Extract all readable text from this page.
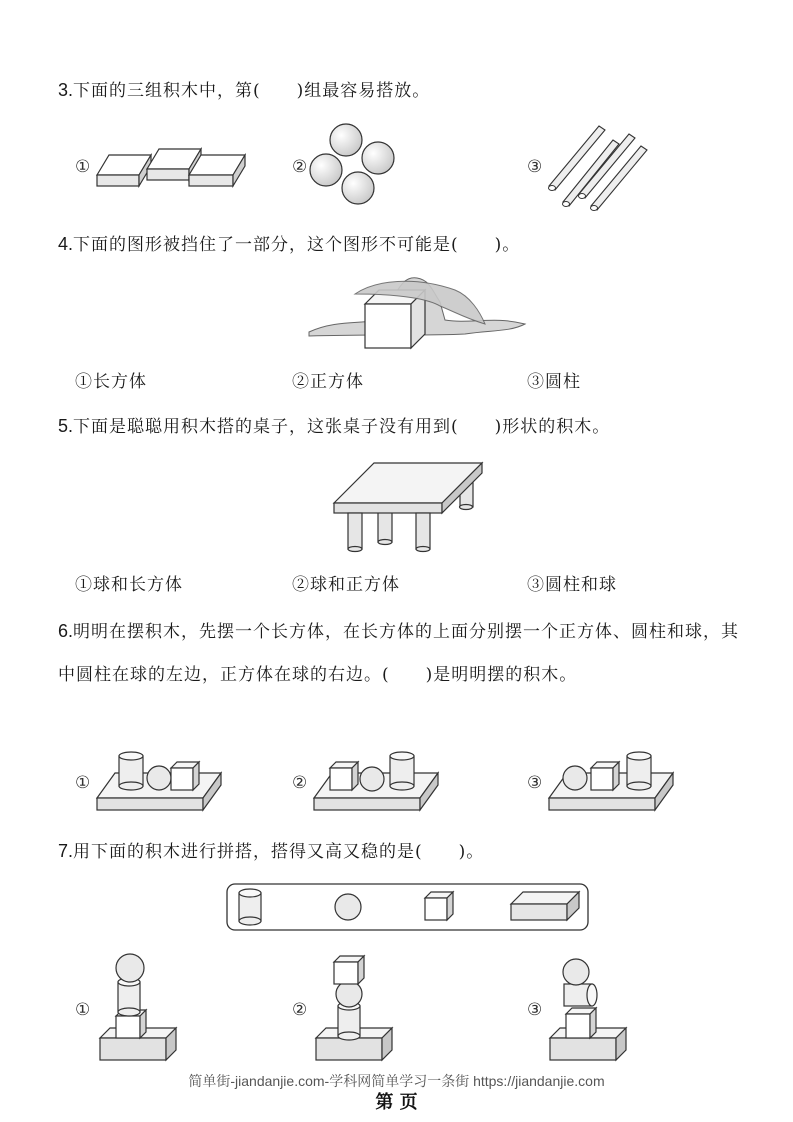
3.下面的三组积木中，第(　　)组最容易搭放。
①	②	③
4.下面的图形被挡住了一部分，这个图形不可能是(　　)。
①长方体	②正方体	③圆柱
5.下面是聪聪用积木搭的桌子，这张桌子没有用到(　　)形状的积木。
①球和长方体	②球和正方体	③圆柱和球
6.明明在摆积木，先摆一个长方体，在长方体的上面分别摆一个正方体、圆柱和球，其中圆柱在球的左边，正方体在球的右边。(　　)是明明摆的积木。
①	②	③
7.用下面的积木进行拼搭，搭得又高又稳的是(　　)。
①	②	③
简单街-jiandanjie.com-学科网简单学习一条街 https://jiandanjie.com
第 页
